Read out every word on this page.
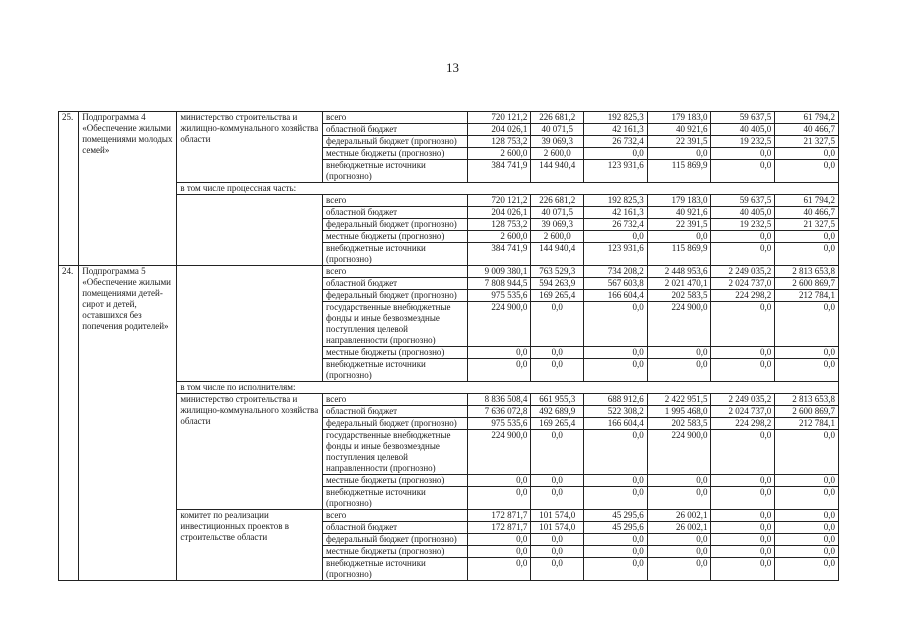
13
25.	Подпрограмма 4 «Обеспечение жилыми помещениями молодых семей»	министерство строительства и жилищно-коммунального хозяйства области	всего	720 121,2	226 681,2	192 825,3	179 183,0	59 637,5	61 794,2
			областной бюджет	204 026,1	40 071,5	42 161,3	40 921,6	40 405,0	40 466,7
			федеральный бюджет (прогнозно)	128 753,2	39 069,3	26 732,4	22 391,5	19 232,5	21 327,5
			местные бюджеты (прогнозно)	2 600,0	2 600,0	0,0	0,0	0,0	0,0
			внебюджетные источники (прогнозно)	384 741,9	144 940,4	123 931,6	115 869,9	0,0	0,0
		в том числе процессная часть:							
			всего	720 121,2	226 681,2	192 825,3	179 183,0	59 637,5	61 794,2
			областной бюджет	204 026,1	40 071,5	42 161,3	40 921,6	40 405,0	40 466,7
			федеральный бюджет (прогнозно)	128 753,2	39 069,3	26 732,4	22 391,5	19 232,5	21 327,5
			местные бюджеты (прогнозно)	2 600,0	2 600,0	0,0	0,0	0,0	0,0
			внебюджетные источники (прогнозно)	384 741,9	144 940,4	123 931,6	115 869,9	0,0	0,0
24.	Подпрограмма 5 «Обеспечение жилыми помещениями детей-сирот и детей, оставшихся без попечения родителей»		всего	9 009 380,1	763 529,3	734 208,2	2 448 953,6	2 249 035,2	2 813 653,8
			областной бюджет	7 808 944,5	594 263,9	567 603,8	2 021 470,1	2 024 737,0	2 600 869,7
			федеральный бюджет (прогнозно)	975 535,6	169 265,4	166 604,4	202 583,5	224 298,2	212 784,1
			государственные внебюджетные фонды и иные безвозмездные поступления целевой направленности (прогнозно)	224 900,0	0,0	0,0	224 900,0	0,0	0,0
			местные бюджеты (прогнозно)	0,0	0,0	0,0	0,0	0,0	0,0
			внебюджетные источники (прогнозно)	0,0	0,0	0,0	0,0	0,0	0,0
		в том числе по исполнителям:							
		министерство строительства и жилищно-коммунального хозяйства области	всего	8 836 508,4	661 955,3	688 912,6	2 422 951,5	2 249 035,2	2 813 653,8
			областной бюджет	7 636 072,8	492 689,9	522 308,2	1 995 468,0	2 024 737,0	2 600 869,7
			федеральный бюджет (прогнозно)	975 535,6	169 265,4	166 604,4	202 583,5	224 298,2	212 784,1
			государственные внебюджетные фонды и иные безвозмездные поступления целевой направленности (прогнозно)	224 900,0	0,0	0,0	224 900,0	0,0	0,0
			местные бюджеты (прогнозно)	0,0	0,0	0,0	0,0	0,0	0,0
			внебюджетные источники (прогнозно)	0,0	0,0	0,0	0,0	0,0	0,0
		комитет по реализации инвестиционных проектов в строительстве области	всего	172 871,7	101 574,0	45 295,6	26 002,1	0,0	0,0
			областной бюджет	172 871,7	101 574,0	45 295,6	26 002,1	0,0	0,0
			федеральный бюджет (прогнозно)	0,0	0,0	0,0	0,0	0,0	0,0
			местные бюджеты (прогнозно)	0,0	0,0	0,0	0,0	0,0	0,0
			внебюджетные источники (прогнозно)	0,0	0,0	0,0	0,0	0,0	0,0
